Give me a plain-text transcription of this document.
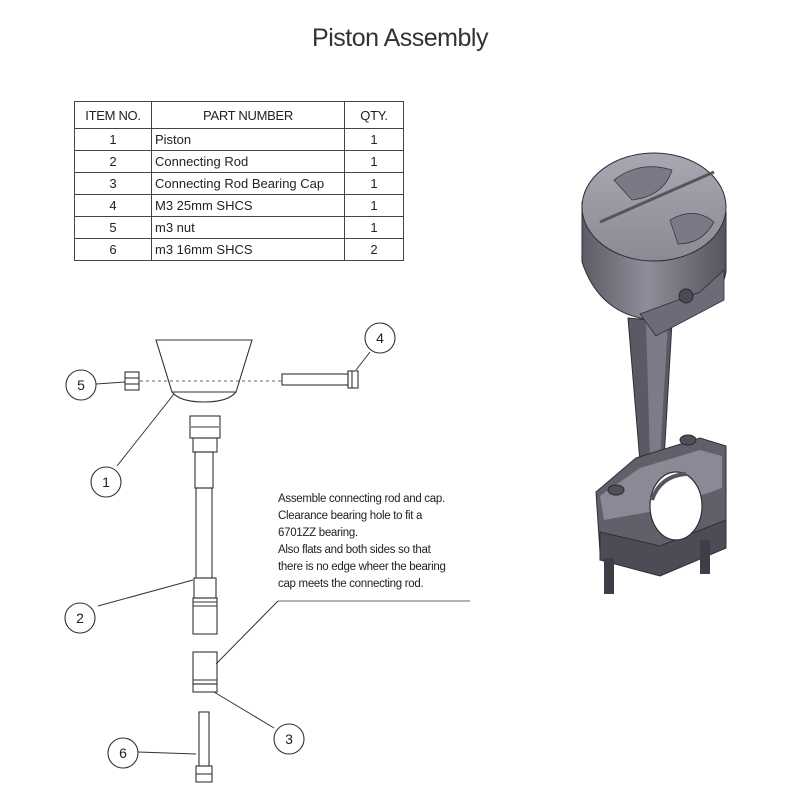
Piston Assembly
ITEM NO.	PART NUMBER	QTY.
1	Piston	1
2	Connecting Rod	1
3	Connecting Rod Bearing Cap	1
4	M3 25mm SHCS	1
5	m3 nut	1
6	m3 16mm SHCS	2
1
2
3
4
5
6
Assemble connecting rod and cap.
Clearance bearing hole to fit a
6701ZZ bearing.
Also flats and both sides so that
there is no edge wheer the bearing
cap meets the connecting rod.
